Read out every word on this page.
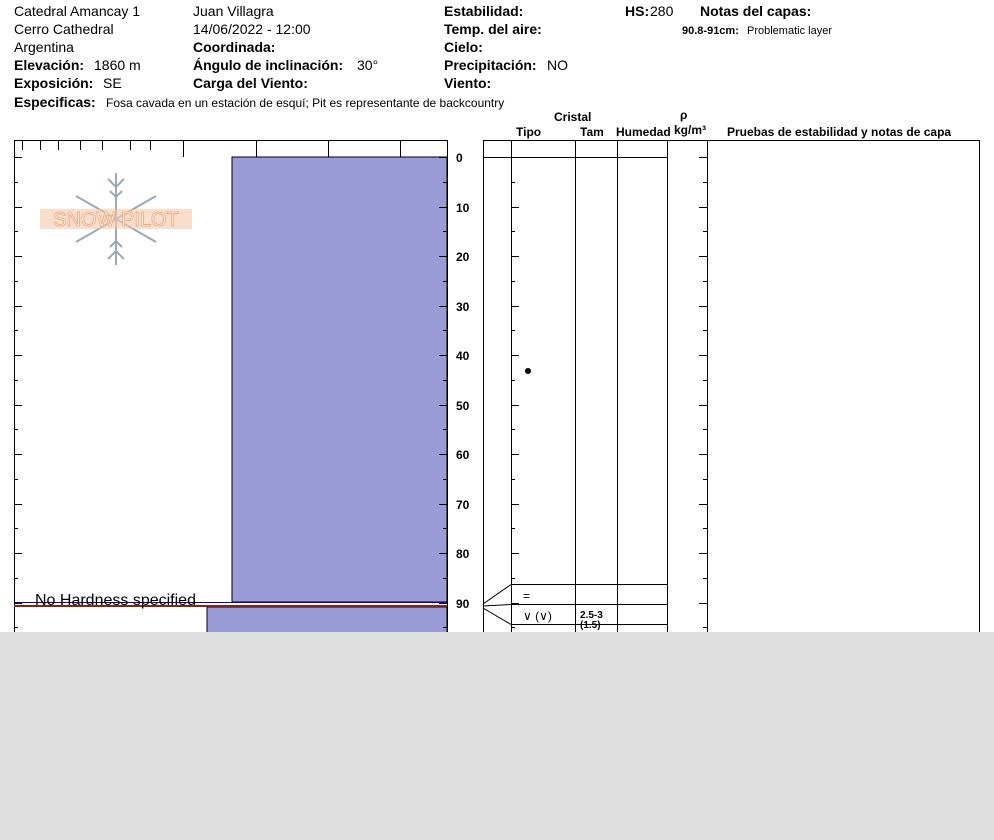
Catedral Amancay 1
Cerro Cathedral
Argentina
Elevación: 1860 m
Exposición: SE
Especificas: Fosa cavada en un estación de esquí; Pit es representante de backcountry
Juan Villagra
14/06/2022 - 12:00
Coordinada:
Ángulo de inclinación: 30°
Carga del Viento:
Estabilidad:
Temp. del aire:
Cielo:
Precipitación: NO
Viento:
HS: 280 Notas del capas:
90.8-91cm: Problematic layer
Cristal
Tipo	Tam Humedad
ρ
kg/m³ Pruebas de estabilidad y notas de capa
SNOW PILOT
0
10
20
30
40
50
60
70
80
90
No Hardness specified	=
∨ (∨)	2.5-3
(1.5)
